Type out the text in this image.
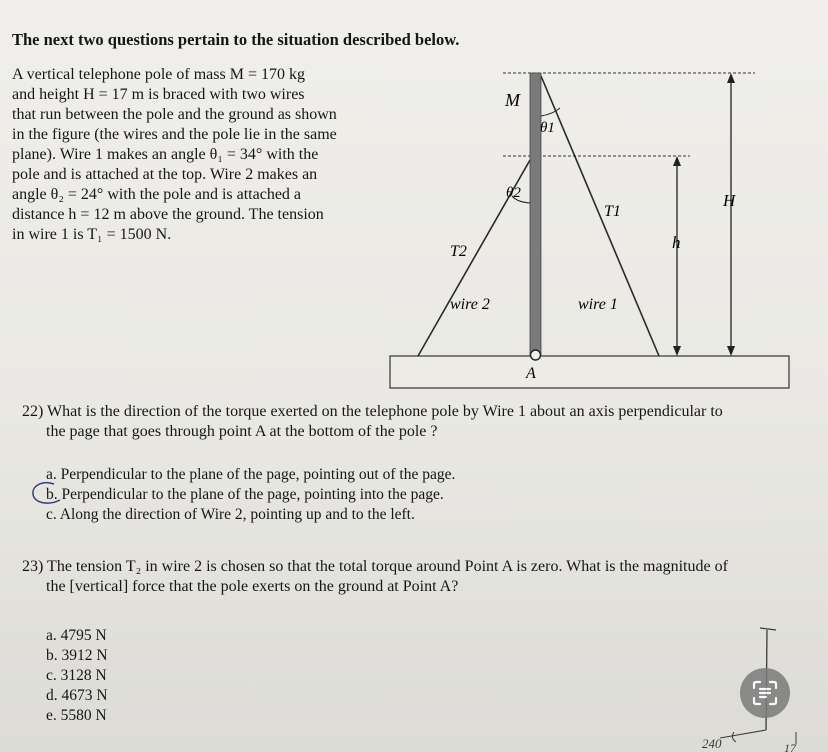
The next two questions pertain to the situation described below.
A vertical telephone pole of mass M = 170 kg
and height H = 17 m is braced with two wires
that run between the pole and the ground as shown
in the figure (the wires and the pole lie in the same
plane). Wire 1 makes an angle θ₁ = 34° with the
pole and is attached at the top. Wire 2 makes an
angle θ₂ = 24° with the pole and is attached a
distance h = 12 m above the ground. The tension
in wire 1 is T₁ = 1500 N.
M
θ1
θ2
T1
T2	h
H
wire 2	wire 1
A
22) What is the direction of the torque exerted on the telephone pole by Wire 1 about an axis perpendicular to
the page that goes through point A at the bottom of the pole ?
a. Perpendicular to the plane of the page, pointing out of the page.
b. Perpendicular to the plane of the page, pointing into the page.
c. Along the direction of Wire 2, pointing up and to the left.
23) The tension T₂ in wire 2 is chosen so that the total torque around Point A is zero. What is the magnitude of
the [vertical] force that the pole exerts on the ground at Point A?
a. 4795 N
b. 3912 N
c. 3128 N
d. 4673 N
e. 5580 N
240	17
